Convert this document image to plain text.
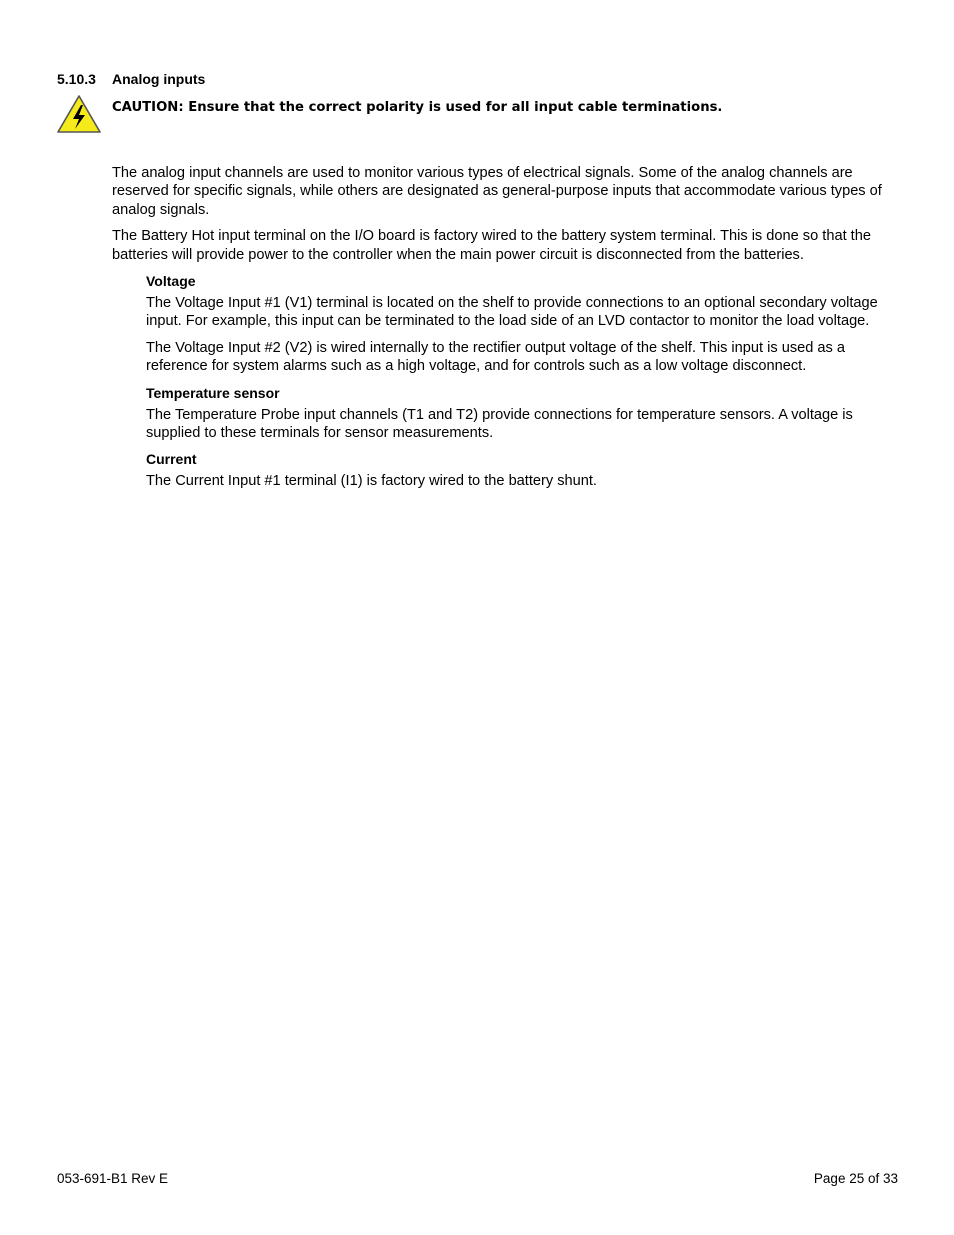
5.10.3 Analog inputs
CAUTION: Ensure that the correct polarity is used for all input cable terminations.

The analog input channels are used to monitor various types of electrical signals. Some of the analog channels are reserved for specific signals, while others are designated as general-purpose inputs that accommodate various types of analog signals.

The Battery Hot input terminal on the I/O board is factory wired to the battery system terminal. This is done so that the batteries will provide power to the controller when the main power circuit is disconnected from the batteries.

Voltage

The Voltage Input #1 (V1) terminal is located on the shelf to provide connections to an optional secondary voltage input. For example, this input can be terminated to the load side of an LVD contactor to monitor the load voltage.

The Voltage Input #2 (V2) is wired internally to the rectifier output voltage of the shelf. This input is used as a reference for system alarms such as a high voltage, and for controls such as a low voltage disconnect.

Temperature sensor

The Temperature Probe input channels (T1 and T2) provide connections for temperature sensors. A voltage is supplied to these terminals for sensor measurements.

Current

The Current Input #1 terminal (I1) is factory wired to the battery shunt.

053-691-B1 Rev E	Page 25 of 33
